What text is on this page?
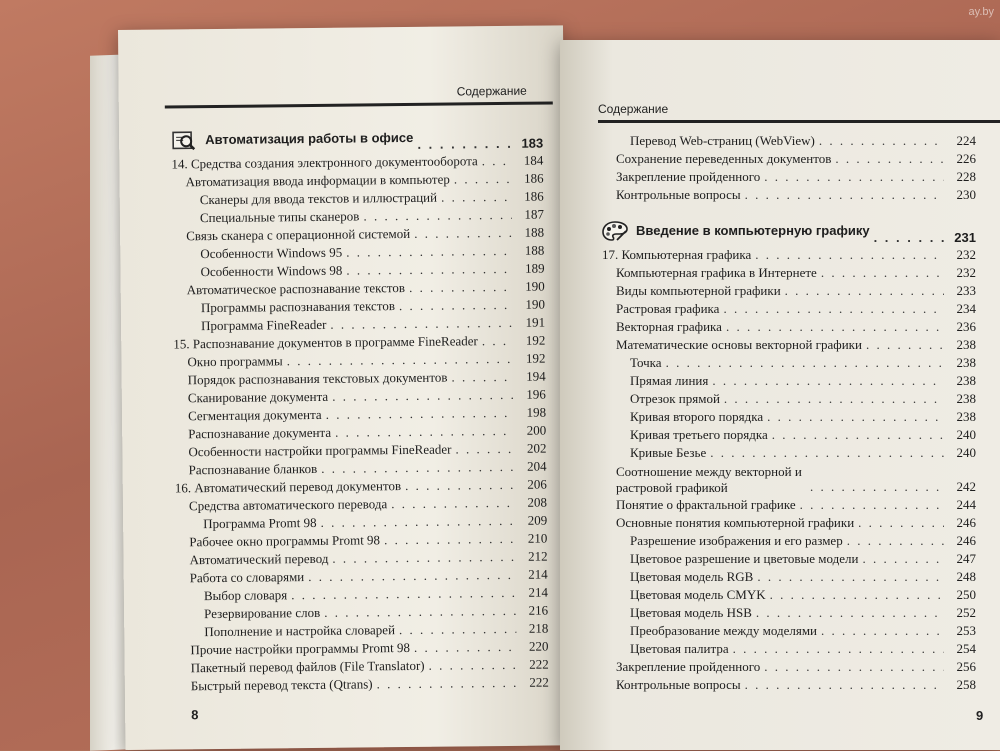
Содержание
Автоматизация работы в офисе . . .	183
14. Средства создания электронного документооборота . . .	184
Автоматизация ввода информации в компьютер . . .	186
Сканеры для ввода текстов и иллюстраций . . .	186
Специальные типы сканеров . . .	187
Связь сканера с операционной системой . . .	188
Особенности Windows 95 . . .	188
Особенности Windows 98 . . .	189
Автоматическое распознавание текстов . . .	190
Программы распознавания текстов . . .	190
Программа FineReader . . .	191
15. Распознавание документов в программе FineReader . . .	192
Окно программы . . .	192
Порядок распознавания текстовых документов . . .	194
Сканирование документа . . .	196
Сегментация документа . . .	198
Распознавание документа . . .	200
Особенности настройки программы FineReader . . .	202
Распознавание бланков . . .	204
16. Автоматический перевод документов . . .	206
Средства автоматического перевода . . .	208
Программа Promt 98 . . .	209
Рабочее окно программы Promt 98 . . .	210
Автоматический перевод . . .	212
Работа со словарями . . .	214
Выбор словаря . . .	214
Резервирование слов . . .	216
Пополнение и настройка словарей . . .	218
Прочие настройки программы Promt 98 . . .	220
Пакетный перевод файлов (File Translator) . . .	222
Быстрый перевод текста (Qtrans) . . .	222
8
Содержание
Перевод Web-страниц (WebView) . . .	224
Сохранение переведенных документов . . .	226
Закрепление пройденного . . .	228
Контрольные вопросы . . .	230
Введение в компьютерную графику . . .	231
17. Компьютерная графика . . .	232
Компьютерная графика в Интернете . . .	232
Виды компьютерной графики . . .	233
Растровая графика . . .	234
Векторная графика . . .	236
Математические основы векторной графики . . .	238
Точка . . .	238
Прямая линия . . .	238
Отрезок прямой . . .	238
Кривая второго порядка . . .	238
Кривая третьего порядка . . .	240
Кривые Безье . . .	240
Соотношение между векторной и растровой графикой . . .	242
Понятие о фрактальной графике . . .	244
Основные понятия компьютерной графики . . .	246
Разрешение изображения и его размер . . .	246
Цветовое разрешение и цветовые модели . . .	247
Цветовая модель RGB . . .	248
Цветовая модель CMYK . . .	250
Цветовая модель HSB . . .	252
Преобразование между моделями . . .	253
Цветовая палитра . . .	254
Закрепление пройденного . . .	256
Контрольные вопросы . . .	258
9
ay.by
